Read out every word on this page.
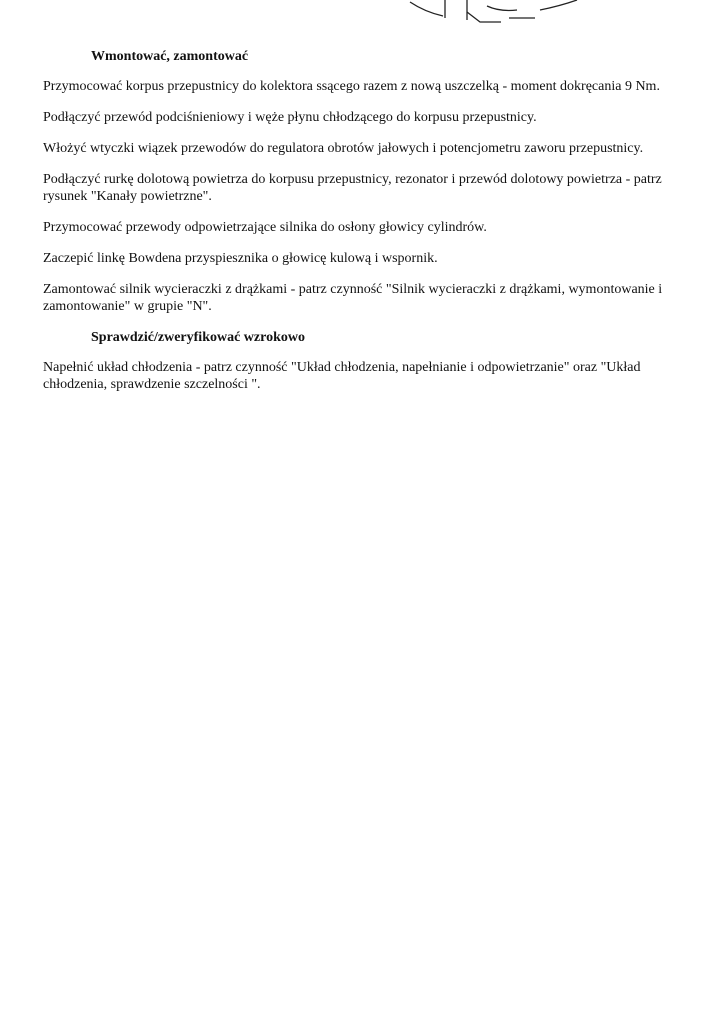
Wmontować, zamontować

Przymocować korpus przepustnicy do kolektora ssącego razem z nową uszczelką - moment dokręcania 9 Nm.

Podłączyć przewód podciśnieniowy i węże płynu chłodzącego do korpusu przepustnicy.

Włożyć wtyczki wiązek przewodów do regulatora obrotów jałowych i potencjometru zaworu przepustnicy.

Podłączyć rurkę dolotową powietrza do korpusu przepustnicy, rezonator i przewód dolotowy powietrza - patrz rysunek "Kanały powietrzne".

Przymocować przewody odpowietrzające silnika do osłony głowicy cylindrów.

Zaczepić linkę Bowdena przyspiesznika o głowicę kulową i wspornik.

Zamontować silnik wycieraczki z drążkami - patrz czynność "Silnik wycieraczki z drążkami, wymontowanie i zamontowanie" w grupie "N".

Sprawdzić/zweryfikować wzrokowo

Napełnić układ chłodzenia - patrz czynność "Układ chłodzenia, napełnianie i odpowietrzanie" oraz "Układ chłodzenia, sprawdzenie szczelności ".
